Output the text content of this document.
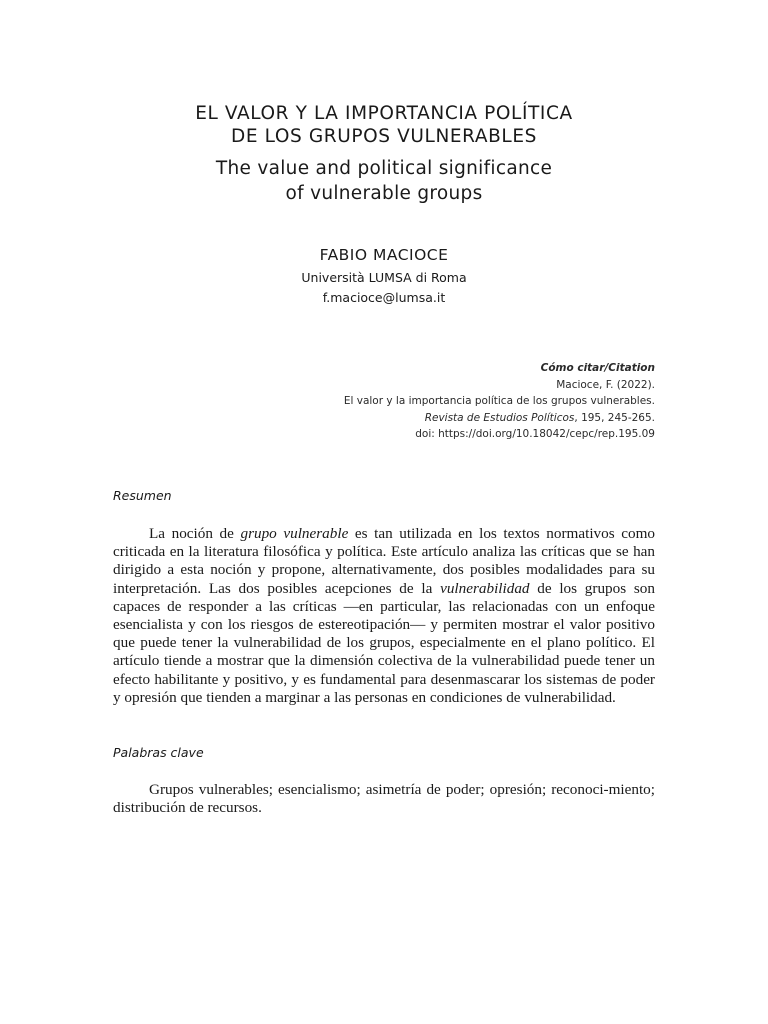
EL VALOR Y LA IMPORTANCIA POLÍTICA
DE LOS GRUPOS VULNERABLES
The value and political significance
of vulnerable groups
FABIO MACIOCE
Università LUMSA di Roma
f.macioce@lumsa.it
Cómo citar/Citation
Macioce, F. (2022).
El valor y la importancia política de los grupos vulnerables.
Revista de Estudios Políticos, 195, 245-265.
doi: https://doi.org/10.18042/cepc/rep.195.09
Resumen
La noción de grupo vulnerable es tan utilizada en los textos normativos como criticada en la literatura filosófica y política. Este artículo analiza las críticas que se han dirigido a esta noción y propone, alternativamente, dos posibles modalidades para su interpretación. Las dos posibles acepciones de la vulnerabilidad de los grupos son capaces de responder a las críticas —en particular, las relacionadas con un enfoque esencialista y con los riesgos de estereotipación— y permiten mostrar el valor positivo que puede tener la vulnerabilidad de los grupos, especialmente en el plano político. El artículo tiende a mostrar que la dimensión colectiva de la vulnerabilidad puede tener un efecto habilitante y positivo, y es fundamental para desenmascarar los sistemas de poder y opresión que tienden a marginar a las personas en condiciones de vulnerabilidad.
Palabras clave
Grupos vulnerables; esencialismo; asimetría de poder; opresión; reconoci-miento; distribución de recursos.
